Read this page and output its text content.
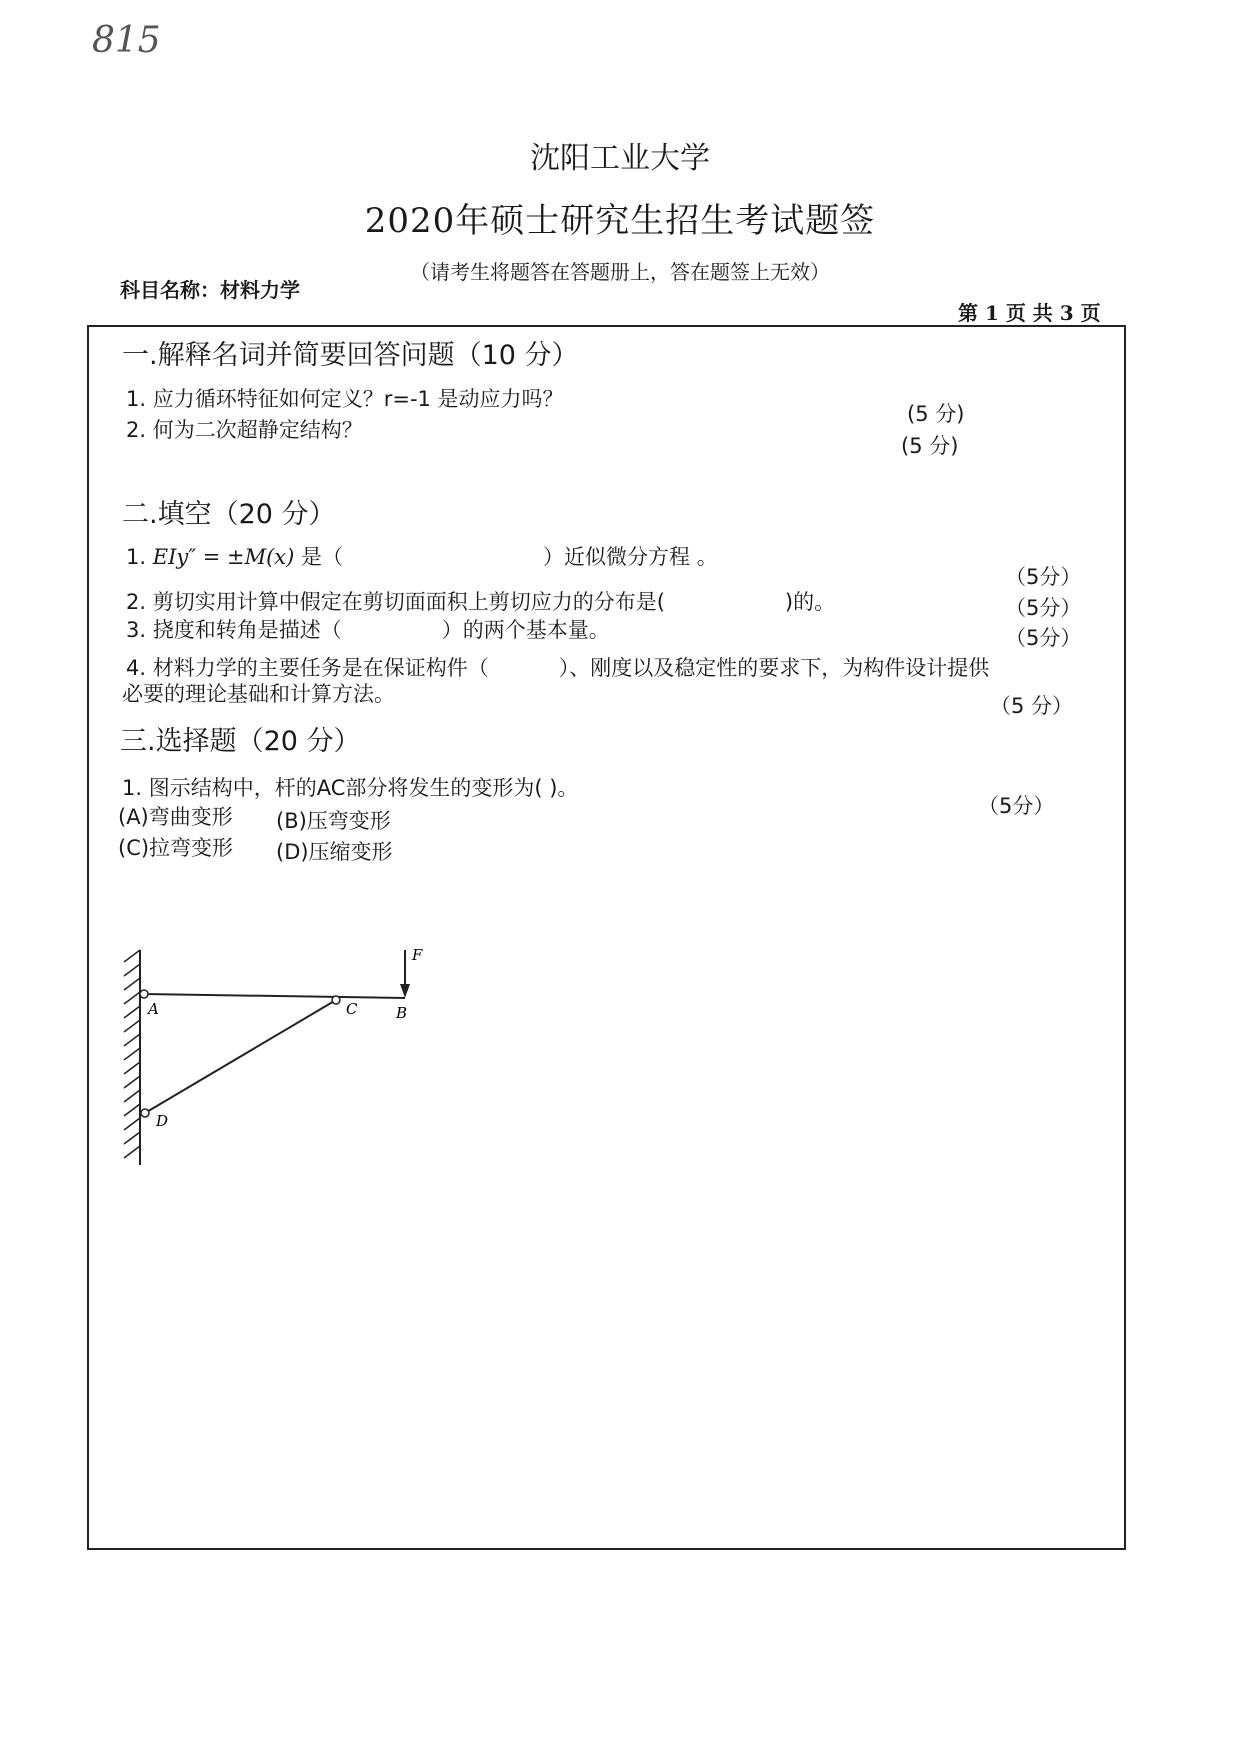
815
沈阳工业大学
2020年硕士研究生招生考试题签
（请考生将题答在答题册上，答在题签上无效）
科目名称：材料力学
第 1 页 共 3 页
一.解释名词并简要回答问题（10 分）
1. 应力循环特征如何定义？r=-1 是动应力吗？
(5 分)
2. 何为二次超静定结构？
(5 分)
二.填空（20 分）
1. EIy″ = ±M(x) 是（	）近似微分方程 。
（5分）
2. 剪切实用计算中假定在剪切面面积上剪切应力的分布是(	)的。	（5分）
3. 挠度和转角是描述（	）的两个基本量。	（5分）
4. 材料力学的主要任务是在保证构件（	）、刚度以及稳定性的要求下，为构件设计提供
必要的理论基础和计算方法。	（5 分）
三.选择题（20 分）
1. 图示结构中，杆的AC部分将发生的变形为( )。
（5分）
(A)弯曲变形 (B)压弯变形
(C)拉弯变形 (D)压缩变形
F
A	C	B
D
